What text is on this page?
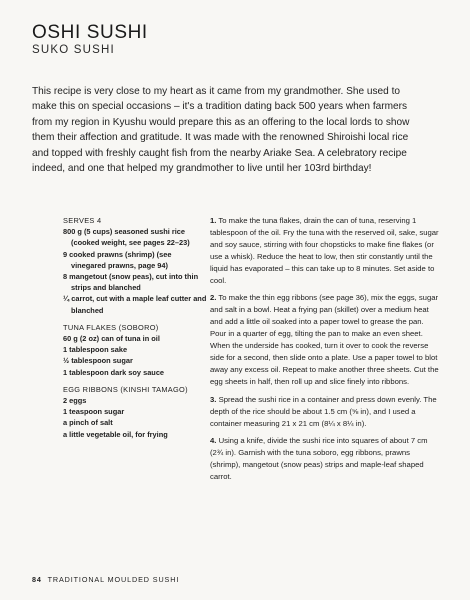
OSHI SUSHI
SUKO SUSHI

This recipe is very close to my heart as it came from my grandmother. She used to make this on special occasions – it's a tradition dating back 500 years when farmers from my region in Kyushu would prepare this as an offering to the local lords to show them their affection and gratitude. It was made with the renowned Shiroishi local rice and topped with freshly caught fish from the nearby Ariake Sea. A celebratory recipe indeed, and one that helped my grandmother to live until her 103rd birthday!

SERVES 4
800 g (5 cups) seasoned sushi rice (cooked weight, see pages 22–23)
9 cooked prawns (shrimp) (see vinegared prawns, page 94)
8 mangetout (snow peas), cut into thin strips and blanched
¼ carrot, cut with a maple leaf cutter and blanched
TUNA FLAKES (SOBORO)
60 g (2 oz) can of tuna in oil
1 tablespoon sake
½ tablespoon sugar
1 tablespoon dark soy sauce
EGG RIBBONS (KINSHI TAMAGO)
2 eggs
1 teaspoon sugar
a pinch of salt
a little vegetable oil, for frying

1. To make the tuna flakes, drain the can of tuna, reserving 1 tablespoon of the oil. Fry the tuna with the reserved oil, sake, sugar and soy sauce, stirring with four chopsticks to make fine flakes (or use a whisk). Reduce the heat to low, then stir constantly until the liquid has evaporated – this can take up to 8 minutes. Set aside to cool.

2. To make the thin egg ribbons (see page 36), mix the eggs, sugar and salt in a bowl. Heat a frying pan (skillet) over a medium heat and add a little oil soaked into a paper towel to grease the pan. Pour in a quarter of egg, tilting the pan to make an even sheet. When the underside has cooked, turn it over to cook the reverse side for a second, then slide onto a plate. Use a paper towel to blot away any excess oil. Repeat to make another three sheets. Cut the egg sheets in half, then roll up and slice finely into ribbons.

3. Spread the sushi rice in a container and press down evenly. The depth of the rice should be about 1.5 cm (⅝ in), and I used a container measuring 21 x 21 cm (8¼ x 8¼ in).

4. Using a knife, divide the sushi rice into squares of about 7 cm (2¾ in). Garnish with the tuna soboro, egg ribbons, prawns (shrimp), mangetout (snow peas) strips and maple-leaf shaped carrot.

84 TRADITIONAL MOULDED SUSHI
